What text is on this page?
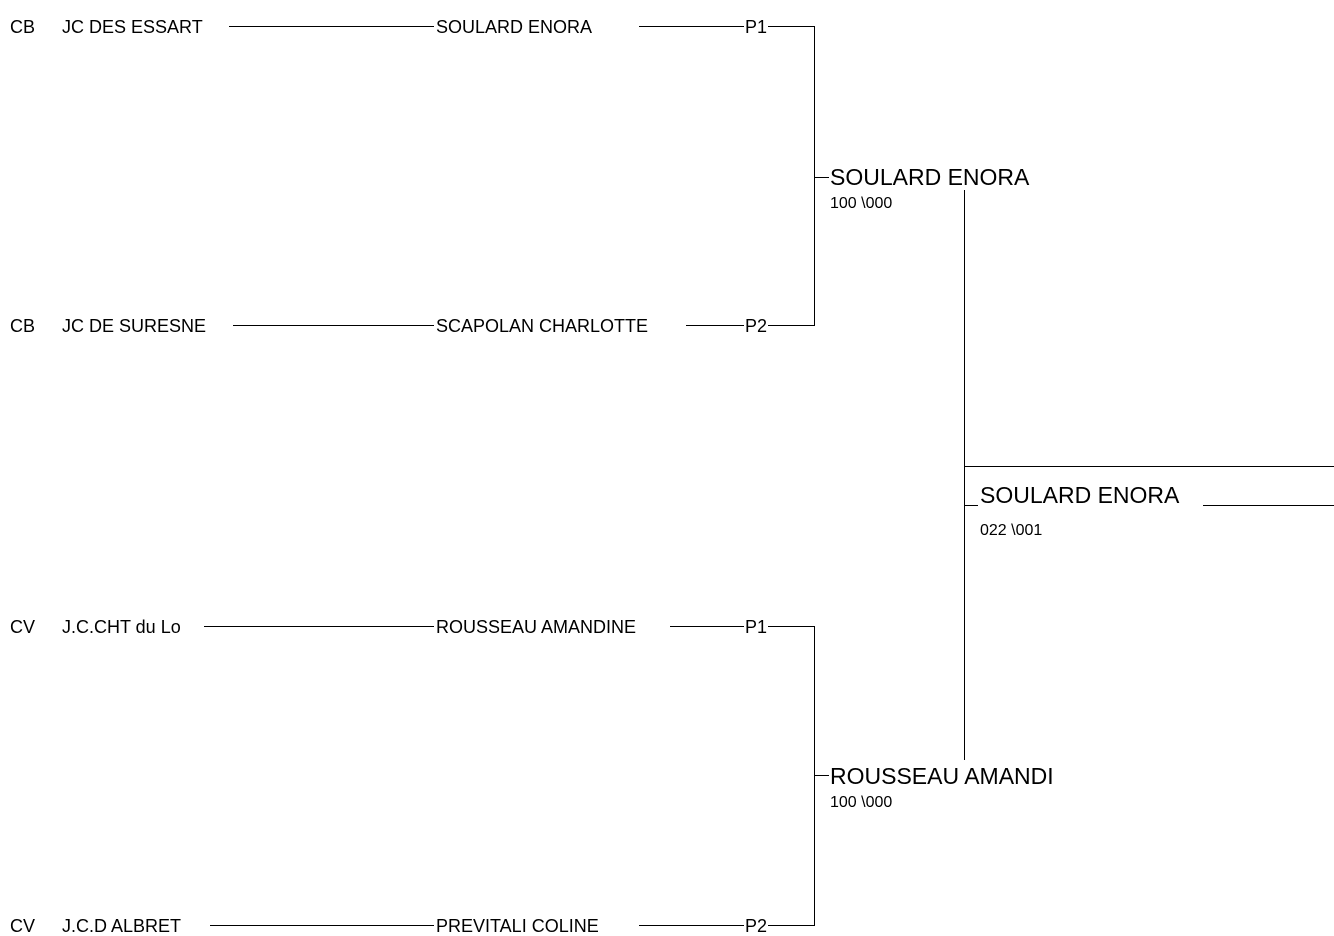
CB JC DES ESSART	SOULARD ENORA	P1
CB JC DE SURESNE	SCAPOLAN CHARLOTTE	P2
CV J.C.CHT du Lo	ROUSSEAU AMANDINE	P1
CV J.C.D ALBRET	PREVITALI COLINE	P2
SOULARD ENORA
100 \000
ROUSSEAU AMANDI
100 \000
SOULARD ENORA
022 \001
